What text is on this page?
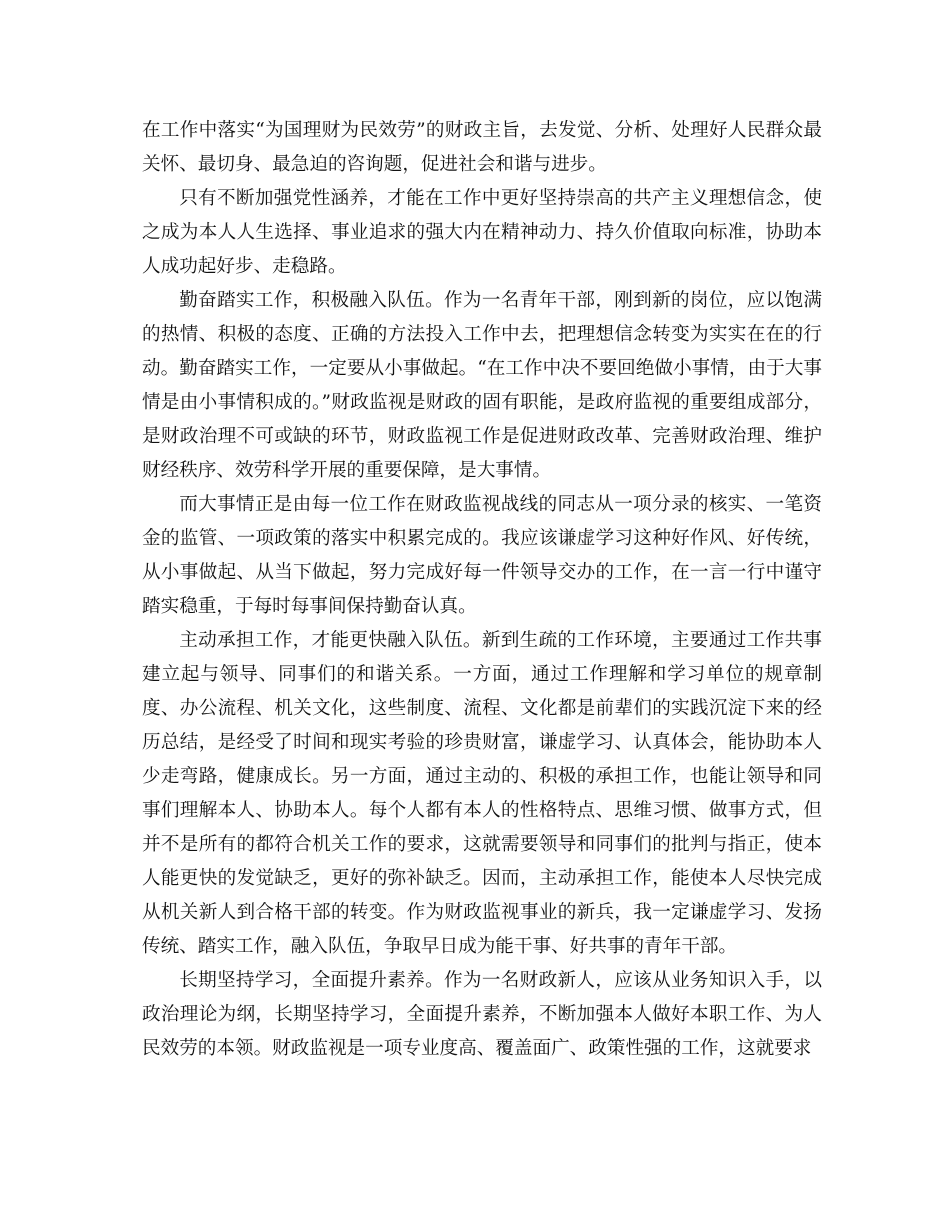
在工作中落实“为国理财为民效劳”的财政主旨，去发觉、分析、处理好人民群众最关怀、最切身、最急迫的咨询题，促进社会和谐与进步。

只有不断加强党性涵养，才能在工作中更好坚持崇高的共产主义理想信念，使之成为本人人生选择、事业追求的强大内在精神动力、持久价值取向标准，协助本人成功起好步、走稳路。

勤奋踏实工作，积极融入队伍。作为一名青年干部，刚到新的岗位，应以饱满的热情、积极的态度、正确的方法投入工作中去，把理想信念转变为实实在在的行动。勤奋踏实工作，一定要从小事做起。“在工作中决不要回绝做小事情，由于大事情是由小事情积成的。”财政监视是财政的固有职能，是政府监视的重要组成部分，是财政治理不可或缺的环节，财政监视工作是促进财政改革、完善财政治理、维护财经秩序、效劳科学开展的重要保障，是大事情。

而大事情正是由每一位工作在财政监视战线的同志从一项分录的核实、一笔资金的监管、一项政策的落实中积累完成的。我应该谦虚学习这种好作风、好传统，从小事做起、从当下做起，努力完成好每一件领导交办的工作，在一言一行中谨守踏实稳重，于每时每事间保持勤奋认真。

主动承担工作，才能更快融入队伍。新到生疏的工作环境，主要通过工作共事建立起与领导、同事们的和谐关系。一方面，通过工作理解和学习单位的规章制度、办公流程、机关文化，这些制度、流程、文化都是前辈们的实践沉淀下来的经历总结，是经受了时间和现实考验的珍贵财富，谦虚学习、认真体会，能协助本人少走弯路，健康成长。另一方面，通过主动的、积极的承担工作，也能让领导和同事们理解本人、协助本人。每个人都有本人的性格特点、思维习惯、做事方式，但并不是所有的都符合机关工作的要求，这就需要领导和同事们的批判与指正，使本人能更快的发觉缺乏，更好的弥补缺乏。因而，主动承担工作，能使本人尽快完成从机关新人到合格干部的转变。作为财政监视事业的新兵，我一定谦虚学习、发扬传统、踏实工作，融入队伍，争取早日成为能干事、好共事的青年干部。

长期坚持学习，全面提升素养。作为一名财政新人，应该从业务知识入手，以政治理论为纲，长期坚持学习，全面提升素养，不断加强本人做好本职工作、为人民效劳的本领。财政监视是一项专业度高、覆盖面广、政策性强的工作，这就要求
